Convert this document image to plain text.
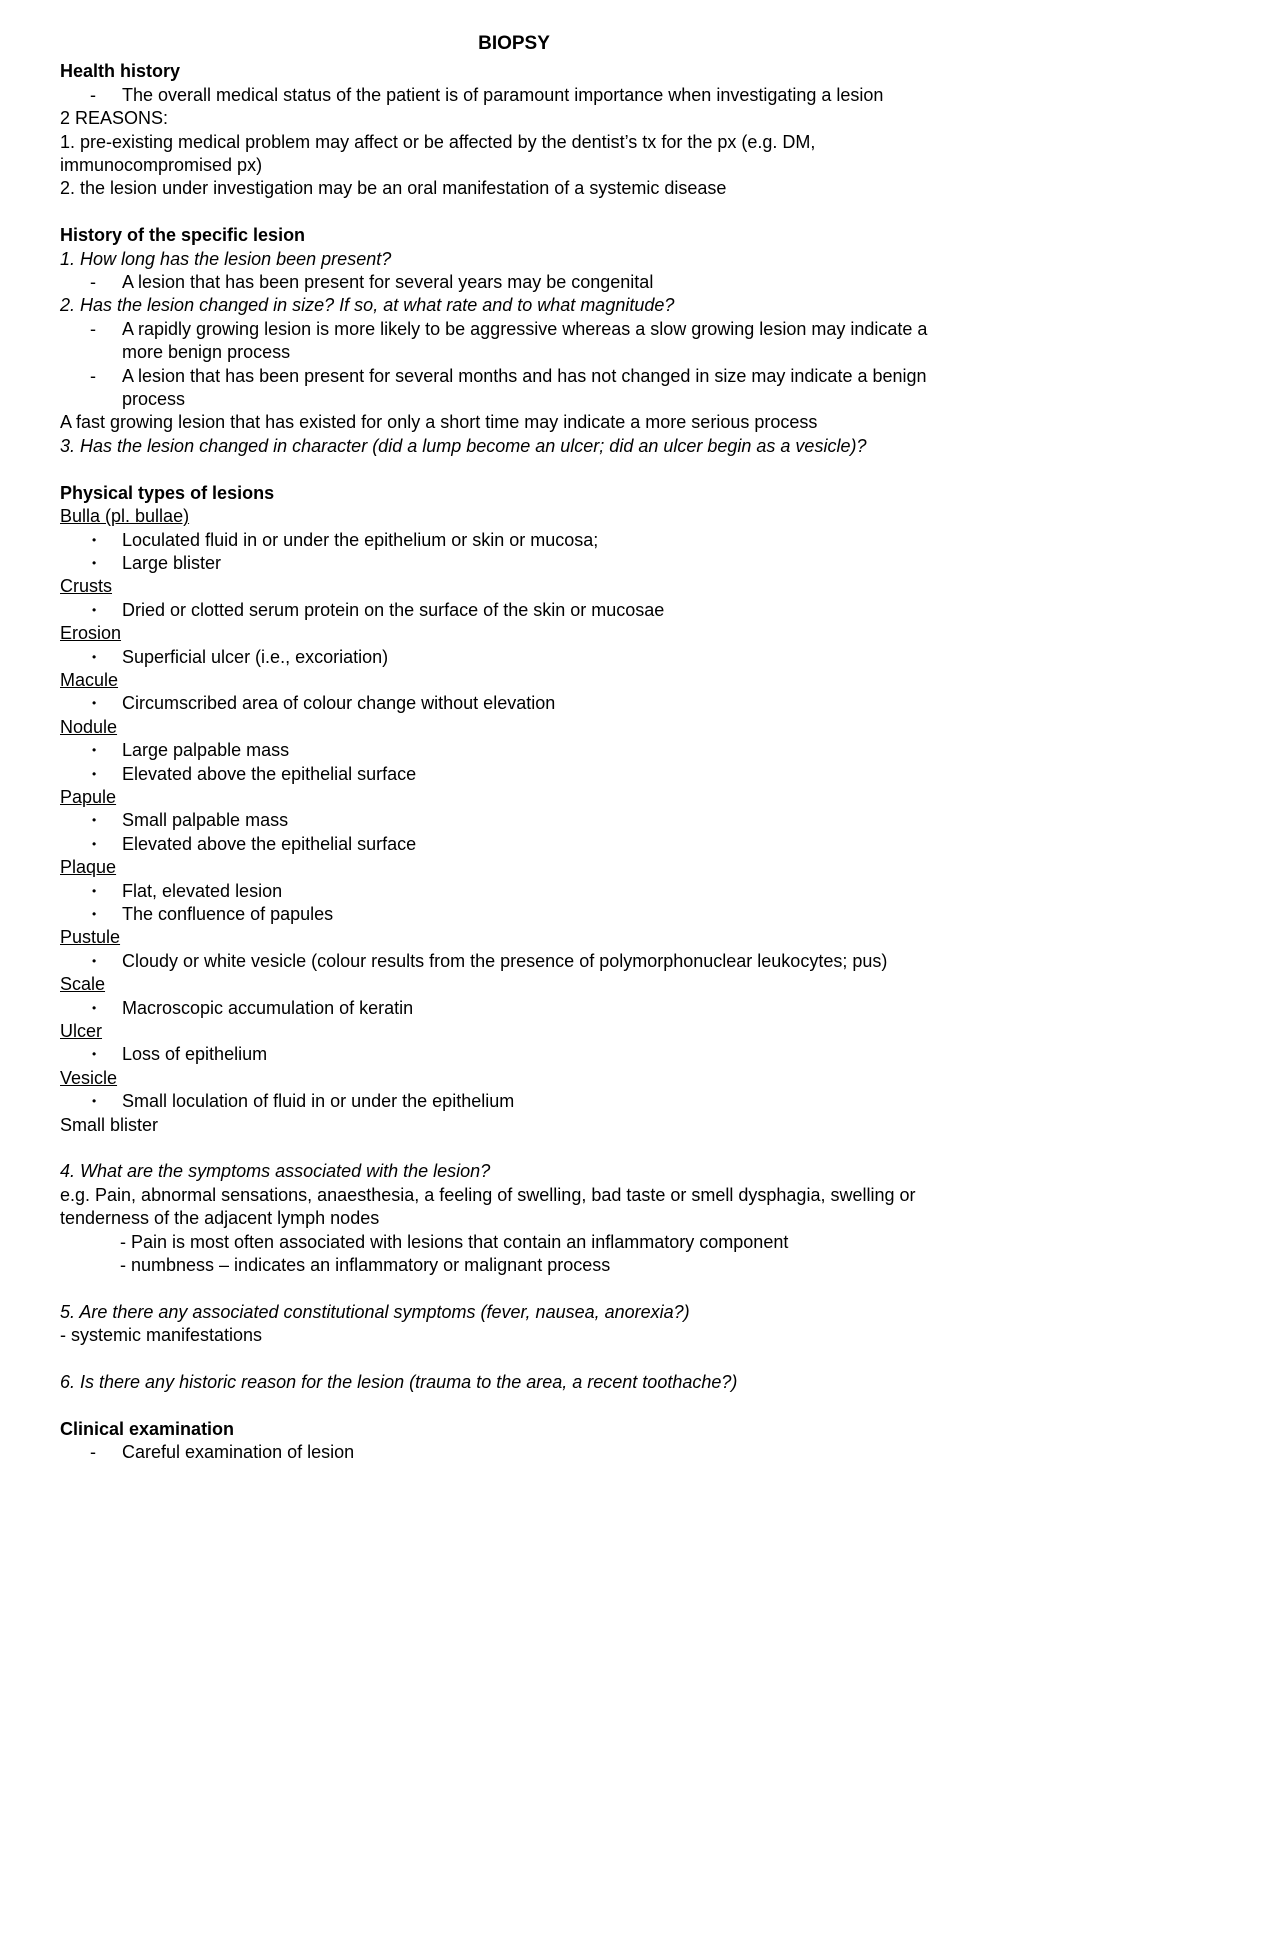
BIOPSY
Health history
-	The overall medical status of the patient is of paramount importance when investigating a lesion
2 REASONS:
1. pre-existing medical problem may affect or be affected by the dentist’s tx for the px (e.g. DM, immunocompromised px)
2. the lesion under investigation may be an oral manifestation of a systemic disease
History of the specific lesion
1. How long has the lesion been present?
-	A lesion that has been present for several years may be congenital
2. Has the lesion changed in size? If so, at what rate and to what magnitude?
-	A rapidly growing lesion is more likely to be aggressive whereas a slow growing lesion may indicate a more benign process
-	A lesion that has been present for several months and has not changed in size may indicate a benign process
A fast growing lesion that has existed for only a short time may indicate a more serious process
3. Has the lesion changed in character (did a lump become an ulcer; did an ulcer begin as a vesicle)?
Physical types of lesions
Bulla (pl. bullae)
•	Loculated fluid in or under the epithelium or skin or mucosa;
•	Large blister
Crusts
•	Dried or clotted serum protein on the surface of the skin or mucosae
Erosion
•	Superficial ulcer (i.e., excoriation)
Macule
•	Circumscribed area of colour change without elevation
Nodule
•	Large palpable mass
•	Elevated above the epithelial surface
Papule
•	Small palpable mass
•	Elevated above the epithelial surface
Plaque
•	Flat, elevated lesion
•	The confluence of papules
Pustule
•	Cloudy or white vesicle (colour results from the presence of polymorphonuclear leukocytes; pus)
Scale
•	Macroscopic accumulation of keratin
Ulcer
•	Loss of epithelium
Vesicle
•	Small loculation of fluid in or under the epithelium
Small blister
4. What are the symptoms associated with the lesion?
e.g. Pain, abnormal sensations, anaesthesia, a feeling of swelling, bad taste or smell dysphagia, swelling or tenderness of the adjacent lymph nodes
- Pain is most often associated with lesions that contain an inflammatory component
- numbness – indicates an inflammatory or malignant process
5. Are there any associated constitutional symptoms (fever, nausea, anorexia?)
- systemic manifestations
6. Is there any historic reason for the lesion (trauma to the area, a recent toothache?)
Clinical examination
-	Careful examination of lesion
